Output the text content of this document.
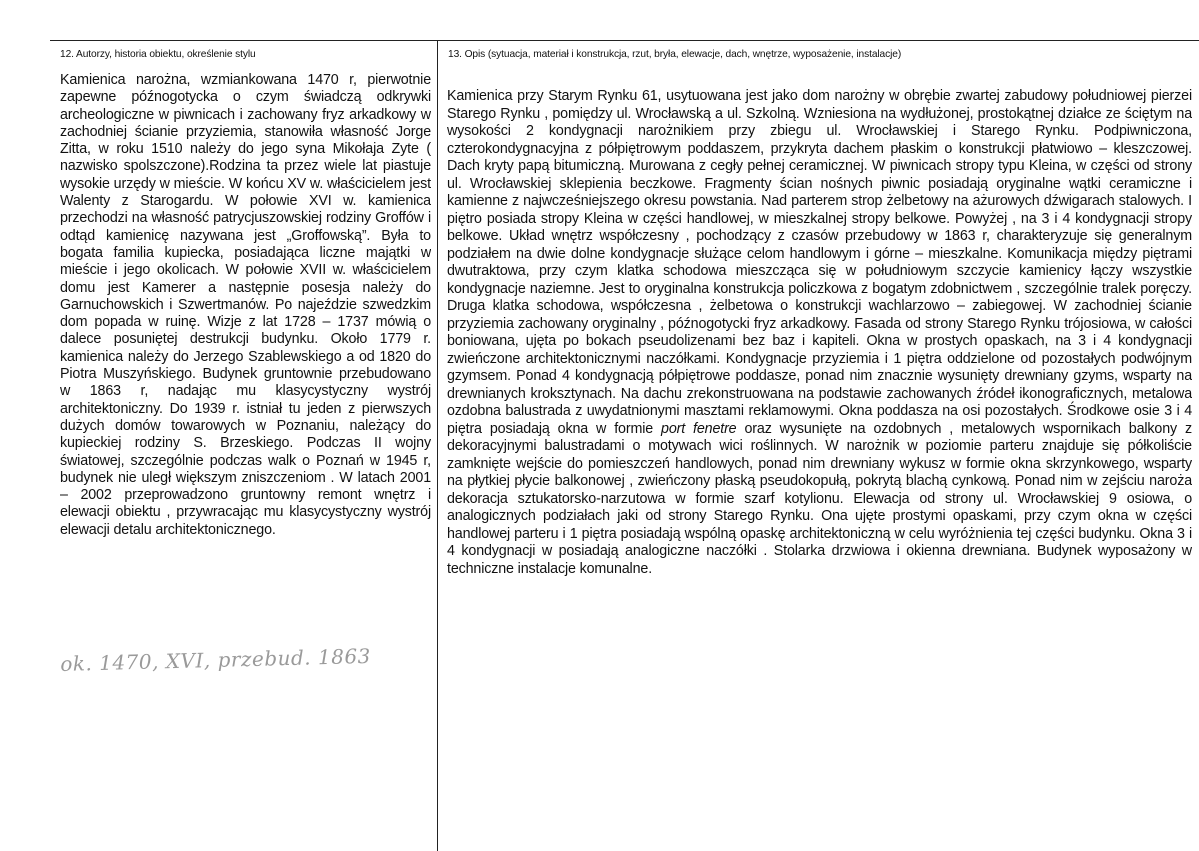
12. Autorzy, historia obiektu, określenie stylu	13. Opis (sytuacja, materiał i konstrukcja, rzut, bryła, elewacje, dach, wnętrze, wyposażenie, instalacje)

Kamienica narożna, wzmiankowana 1470 r, pierwotnie zapewne późnogotycka o czym świadczą odkrywki archeologiczne w piwnicach i zachowany fryz arkadkowy w zachodniej ścianie przyziemia, stanowiła własność Jorge Zitta, w roku 1510 należy do jego syna Mikołaja Zyte ( nazwisko spolszczone).Rodzina ta przez wiele lat piastuje wysokie urzędy w mieście. W końcu XV w. właścicielem jest Walenty z Starogardu. W połowie XVI w. kamienica przechodzi na własność patrycjuszowskiej rodziny Groffów i odtąd kamienicę nazywana jest „Groffowską”. Była to bogata familia kupiecka, posiadająca liczne majątki w mieście i jego okolicach. W połowie XVII w. właścicielem domu jest Kamerer a następnie posesja należy do Garnuchowskich i Szwertmanów. Po najeździe szwedzkim dom popada w ruinę. Wizje z lat 1728 – 1737 mówią o dalece posuniętej destrukcji budynku. Około 1779 r. kamienica należy do Jerzego Szablewskiego a od 1820 do Piotra Muszyńskiego. Budynek gruntownie przebudowano w 1863 r, nadając mu klasycystyczny wystrój architektoniczny. Do 1939 r. istniał tu jeden z pierwszych dużych domów towarowych w Poznaniu, należący do kupieckiej rodziny S. Brzeskiego. Podczas II wojny światowej, szczególnie podczas walk o Poznań w 1945 r, budynek nie uległ większym zniszczeniom . W latach 2001 – 2002 przeprowadzono gruntowny remont wnętrz i elewacji obiektu , przywracając mu klasycystyczny wystrój elewacji detalu architektonicznego.

ok. 1470, XVI, przebud. 1863

Kamienica przy Starym Rynku 61, usytuowana jest jako dom narożny w obrębie zwartej zabudowy południowej pierzei Starego Rynku , pomiędzy ul. Wrocławską a ul. Szkolną. Wzniesiona na wydłużonej, prostokątnej działce ze ściętym na wysokości 2 kondygnacji narożnikiem przy zbiegu ul. Wrocławskiej i Starego Rynku. Podpiwniczona, czterokondygnacyjna z półpiętrowym poddaszem, przykryta dachem płaskim o konstrukcji płatwiowo – kleszczowej. Dach kryty papą bitumiczną. Murowana z cegły pełnej ceramicznej. W piwnicach stropy typu Kleina, w części od strony ul. Wrocławskiej sklepienia beczkowe. Fragmenty ścian nośnych piwnic posiadają oryginalne wątki ceramiczne i kamienne z najwcześniejszego okresu powstania. Nad parterem strop żelbetowy na ażurowych dźwigarach stalowych. I piętro posiada stropy Kleina w części handlowej, w mieszkalnej stropy belkowe. Powyżej , na 3 i 4 kondygnacji stropy belkowe. Układ wnętrz współczesny , pochodzący z czasów przebudowy w 1863 r, charakteryzuje się generalnym podziałem na dwie dolne kondygnacje służące celom handlowym i górne – mieszkalne. Komunikacja między piętrami dwutraktowa, przy czym klatka schodowa mieszcząca się w południowym szczycie kamienicy łączy wszystkie kondygnacje naziemne. Jest to oryginalna konstrukcja policzkowa z bogatym zdobnictwem , szczególnie tralek poręczy. Druga klatka schodowa, współczesna , żelbetowa o konstrukcji wachlarzowo – zabiegowej. W zachodniej ścianie przyziemia zachowany oryginalny , późnogotycki fryz arkadkowy. Fasada od strony Starego Rynku trójosiowa, w całości boniowana, ujęta po bokach pseudolizenami bez baz i kapiteli. Okna w prostych opaskach, na 3 i 4 kondygnacji zwieńczone architektonicznymi naczółkami. Kondygnacje przyziemia i 1 piętra oddzielone od pozostałych podwójnym gzymsem. Ponad 4 kondygnacją półpiętrowe poddasze, ponad nim znacznie wysunięty drewniany gzyms, wsparty na drewnianych kroksztynach. Na dachu zrekonstruowana na podstawie zachowanych źródeł ikonograficznych, metalowa ozdobna balustrada z uwydatnionymi masztami reklamowymi. Okna poddasza na osi pozostałych. Środkowe osie 3 i 4 piętra posiadają okna w formie port fenetre oraz wysunięte na ozdobnych , metalowych wspornikach balkony z dekoracyjnymi balustradami o motywach wici roślinnych. W narożnik w poziomie parteru znajduje się półkoliście zamknięte wejście do pomieszczeń handlowych, ponad nim drewniany wykusz w formie okna skrzynkowego, wsparty na płytkiej płycie balkonowej , zwieńczony płaską pseudokopułą, pokrytą blachą cynkową. Ponad nim w zejściu naroża dekoracja sztukatorsko-narzutowa w formie szarf kotylionu. Elewacja od strony ul. Wrocławskiej 9 osiowa, o analogicznych podziałach jaki od strony Starego Rynku. Ona ujęte prostymi opaskami, przy czym okna w części handlowej parteru i 1 piętra posiadają wspólną opaskę architektoniczną w celu wyróżnienia tej części budynku. Okna 3 i 4 kondygnacji w posiadają analogiczne naczółki . Stolarka drzwiowa i okienna drewniana. Budynek wyposażony w techniczne instalacje komunalne.
